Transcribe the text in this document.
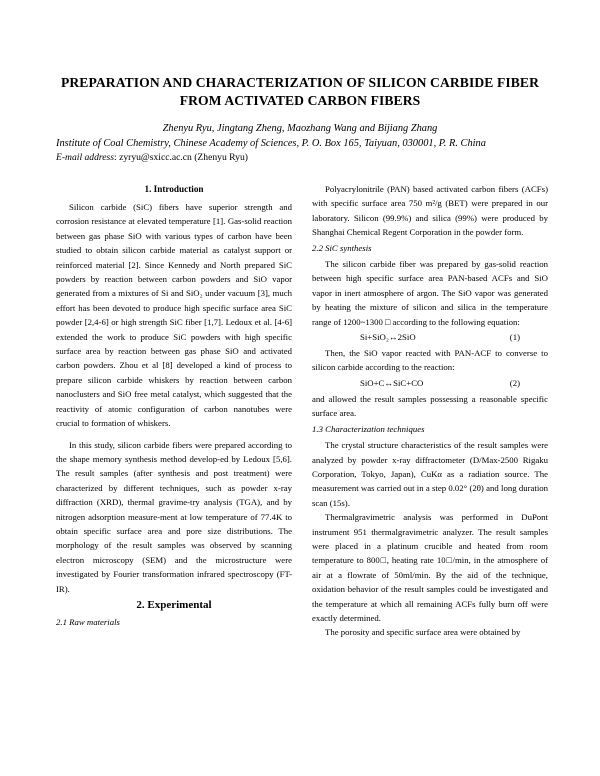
PREPARATION AND CHARACTERIZATION OF SILICON CARBIDE FIBER
FROM ACTIVATED CARBON FIBERS
Zhenyu Ryu, Jingtang Zheng, Maozhang Wang and Bijiang Zhang
Institute of Coal Chemistry, Chinese Academy of Sciences, P. O. Box 165, Taiyuan, 030001, P. R. China
E-mail address: zyryu@sxicc.ac.cn (Zhenyu Ryu)
1. Introduction

Silicon carbide (SiC) fibers have superior strength and corrosion resistance at elevated temperature [1]. Gas-solid reaction between gas phase SiO with various types of carbon have been studied to obtain silicon carbide material as catalyst support or reinforced material [2]. Since Kennedy and North prepared SiC powders by reaction between carbon powders and SiO vapor generated from a mixtures of Si and SiO₂ under vacuum [3], much effort has been devoted to produce high specific surface area SiC powder [2,4-6] or high strength SiC fiber [1,7]. Ledoux et al. [4-6] extended the work to produce SiC powders with high specific surface area by reaction between gas phase SiO and activated carbon powders. Zhou et al [8] developed a kind of process to prepare silicon carbide whiskers by reaction between carbon nanoclusters and SiO free metal catalyst, which suggested that the reactivity of atomic configuration of carbon nanotubes were crucial to formation of whiskers.

In this study, silicon carbide fibers were prepared according to the shape memory synthesis method develop-ed by Ledoux [5,6]. The result samples (after synthesis and post treatment) were characterized by different techniques, such as powder x-ray diffraction (XRD), thermal gravime-try analysis (TGA), and by nitrogen adsorption measure-ment at low temperature of 77.4K to obtain specific surface area and pore size distributions. The morphology of the result samples was observed by scanning electron microscopy (SEM) and the microstructure were investigated by Fourier transformation infrared spectroscopy (FT-IR).

2. Experimental
2.1 Raw materials

Polyacrylonitrile (PAN) based activated carbon fibers (ACFs) with specific surface area 750 m²/g (BET) were prepared in our laboratory. Silicon (99.9%) and silica (99%) were produced by Shanghai Chemical Regent Corporation in the powder form.

2.2 SiC synthesis

The silicon carbide fiber was prepared by gas-solid reaction between high specific surface area PAN-based ACFs and SiO vapor in inert atmosphere of argon. The SiO vapor was generated by heating the mixture of silicon and silica in the temperature range of 1200~1300 □ according to the following equation:

Si+SiO₂↔2SiO	(1)

Then, the SiO vapor reacted with PAN-ACF to converse to silicon carbide according to the reaction:

SiO+C↔SiC+CO	(2)

and allowed the result samples possessing a reasonable specific surface area.

1.3 Characterization techniques

The crystal structure characteristics of the result samples were analyzed by powder x-ray diffractometer (D/Max-2500 Rigaku Corporation, Tokyo, Japan), CuKα as a radiation source. The measurement was carried out in a step 0.02° (2θ) and long duration scan (15s).

Thermalgravimetric analysis was performed in DuPont instrument 951 thermalgravimetric analyzer. The result samples were placed in a platinum crucible and heated from room temperature to 800□, heating rate 10□/min, in the atmosphere of air at a flowrate of 50ml/min. By the aid of the technique, oxidation behavior of the result samples could be investigated and the temperature at which all remaining ACFs fully burn off were exactly determined.

The porosity and specific surface area were obtained by
